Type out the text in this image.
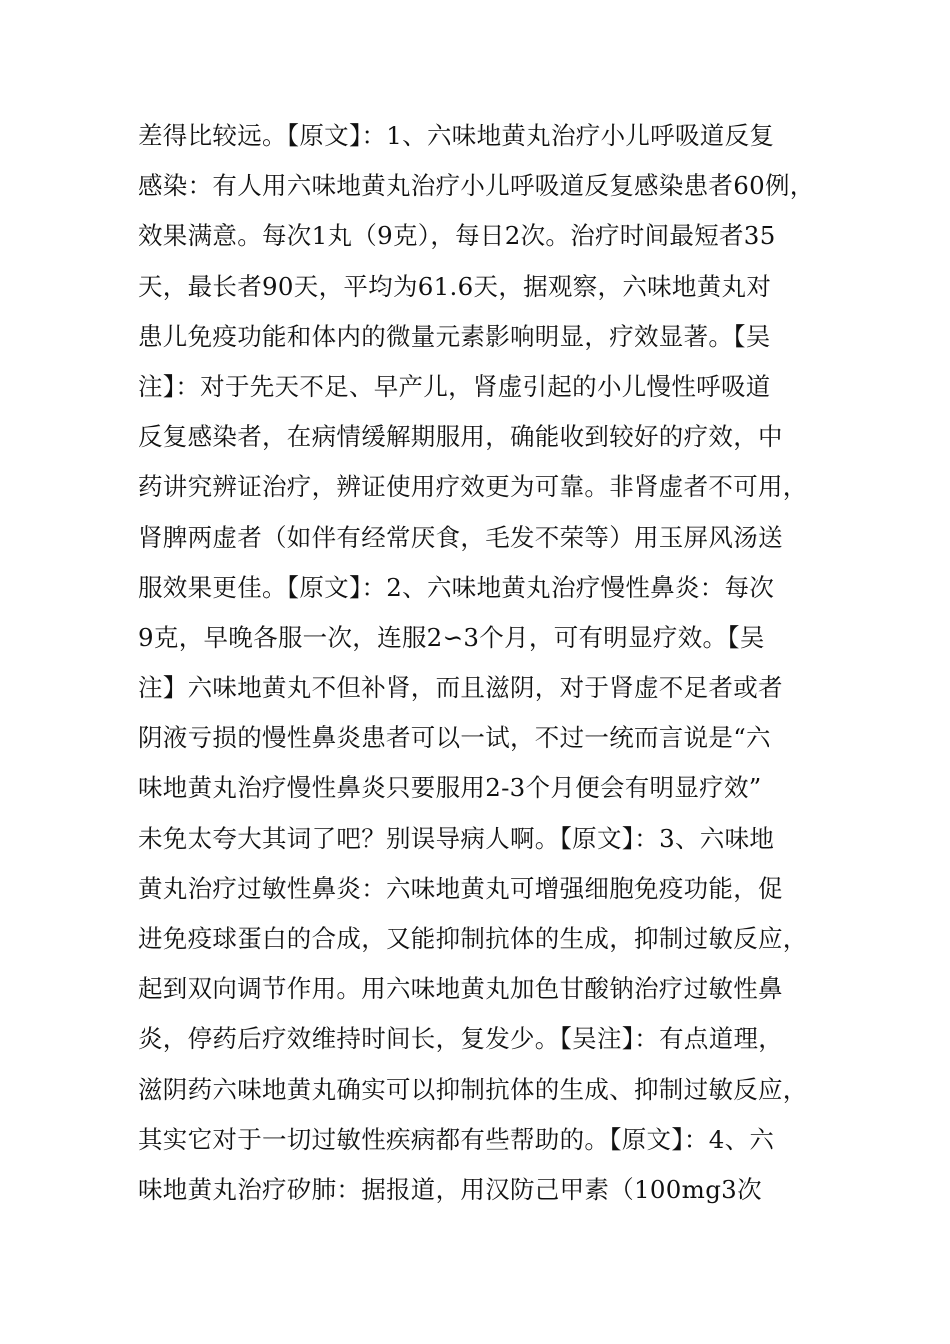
差得比较远。【原文】：1、六味地黄丸治疗小儿呼吸道反复
感染：有人用六味地黄丸治疗小儿呼吸道反复感染患者60例，
效果满意。每次1丸（9克），每日2次。治疗时间最短者35
天，最长者90天，平均为61.6天，据观察，六味地黄丸对
患儿免疫功能和体内的微量元素影响明显，疗效显著。【吴
注】：对于先天不足、早产儿，肾虚引起的小儿慢性呼吸道
反复感染者，在病情缓解期服用，确能收到较好的疗效，中
药讲究辨证治疗，辨证使用疗效更为可靠。非肾虚者不可用，
肾脾两虚者（如伴有经常厌食，毛发不荣等）用玉屏风汤送
服效果更佳。【原文】：2、六味地黄丸治疗慢性鼻炎：每次
9克，早晚各服一次，连服2∽3个月，可有明显疗效。【吴
注】六味地黄丸不但补肾，而且滋阴，对于肾虚不足者或者
阴液亏损的慢性鼻炎患者可以一试，不过一统而言说是“六
味地黄丸治疗慢性鼻炎只要服用2-3个月便会有明显疗效”
未免太夸大其词了吧？别误导病人啊。【原文】：3、六味地
黄丸治疗过敏性鼻炎：六味地黄丸可增强细胞免疫功能，促
进免疫球蛋白的合成，又能抑制抗体的生成，抑制过敏反应，
起到双向调节作用。用六味地黄丸加色甘酸钠治疗过敏性鼻
炎，停药后疗效维持时间长，复发少。【吴注】：有点道理，
滋阴药六味地黄丸确实可以抑制抗体的生成、抑制过敏反应，
其实它对于一切过敏性疾病都有些帮助的。【原文】：4、六
味地黄丸治疗矽肺：据报道，用汉防己甲素（100mg3次
